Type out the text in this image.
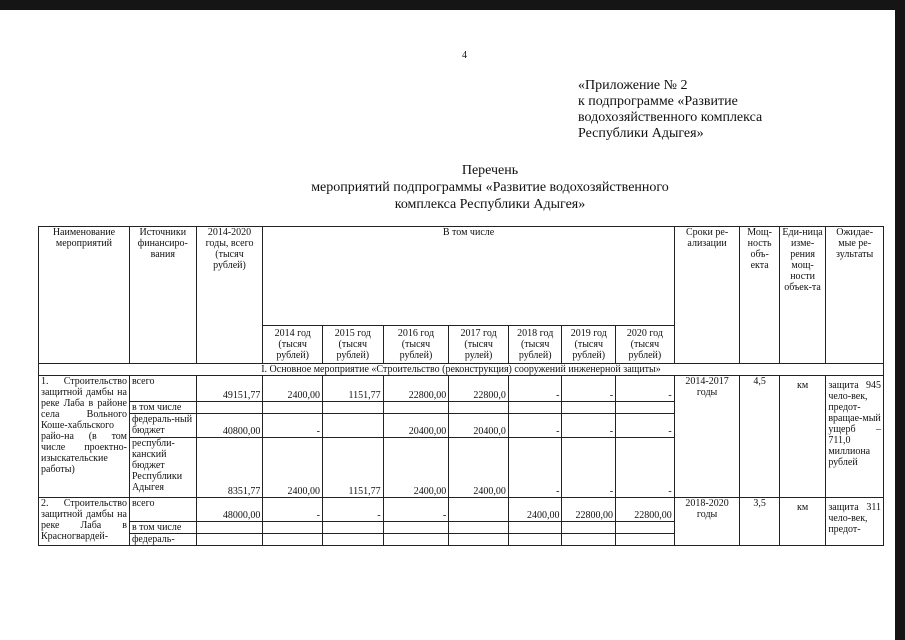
4
«Приложение № 2
к подпрограмме «Развитие
водохозяйственного комплекса
Республики Адыгея»
Перечень
мероприятий подпрограммы «Развитие водохозяйственного
комплекса Республики Адыгея»
Наименование мероприятий	Источники финансиро-вания	2014-2020 годы, всего (тысяч рублей)	В том числе							Сроки ре-ализации	Мощ-ность объ-екта	Еди-ница изме-рения мощ-ности объек-та	Ожидае-мые ре-зультаты
			2014 год (тысяч рублей)	2015 год (тысяч рублей)	2016 год (тысяч рублей)	2017 год (тысяч рулей)	2018 год (тысяч рублей)	2019 год (тысяч рублей)	2020 год (тысяч рублей)				
I. Основное мероприятие «Строительство (реконструкция) сооружений инженерной защиты»													
1. Строительство защитной дамбы на реке Лаба в районе села Вольного Коше-хабльского райо-на (в том числе проектно-изыскательские работы)	всего	49151,77	2400,00	1151,77	22800,00	22800,0	-	-	-	2014-2017 годы	4,5	км	защита 945 чело-век, предот-вращае-мый ущерб – 711,0 миллиона рублей
	в том числе												
	федераль-ный бюджет	40800,00	-		20400,00	20400,0	-	-	-				
	республи-канский бюджет Республики Адыгея	8351,77	2400,00	1151,77	2400,00	2400,00	-	-	-				
2. Строительство защитной дамбы на реке Лаба в Красногвардей-	всего	48000,00	-	-	-		2400,00	22800,00	22800,00	2018-2020 годы	3,5	км	защита 311 чело-век, предот-
	в том числе												
	федераль-												
